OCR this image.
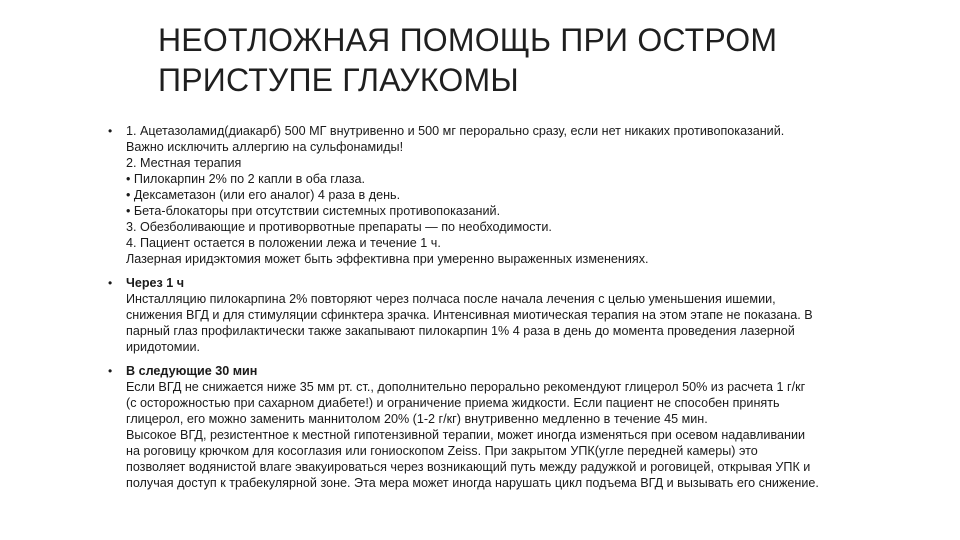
НЕОТЛОЖНАЯ ПОМОЩЬ ПРИ ОСТРОМ
ПРИСТУПЕ ГЛАУКОМЫ
• 1. Ацетазоламид(диакарб) 500 МГ внутривенно и 500 мг перорально сразу, если нет никаких противопоказаний.
Важно исключить аллергию на сульфонамиды!
2. Местная терапия
• Пилокарпин 2% по 2 капли в оба глаза.
• Дексаметазон (или его аналог) 4 раза в день.
• Бета-блокаторы при отсутствии системных противопоказаний.
3. Обезболивающие и противорвотные препараты — по необходимости.
4. Пациент остается в положении лежа и течение 1 ч.
Лазерная иридэктомия может быть эффективна при умеренно выраженных изменениях.
• Через 1 ч
Инсталляцию пилокарпина 2% повторяют через полчаса после начала лечения с целью уменьшения ишемии,
снижения ВГД и для стимуляции сфинктера зрачка. Интенсивная миотическая терапия на этом этапе не показана. В
парный глаз профилактически также закапывают пилокарпин 1% 4 раза в день до момента проведения лазерной
иридотомии.
• В следующие 30 мин
Если ВГД не снижается ниже 35 мм рт. ст., дополнительно перорально рекомендуют глицерол 50% из расчета 1 г/кг
(с осторожностью при сахарном диабете!) и ограничение приема жидкости. Если пациент не способен принять
глицерол, его можно заменить маннитолом 20% (1-2 г/кг) внутривенно медленно в течение 45 мин.
Высокое ВГД, резистентное к местной гипотензивной терапии, может иногда изменяться при осевом надавливании
на роговицу крючком для косоглазия или гониоскопом Zeiss. При закрытом УПК(угле передней камеры) это
позволяет водянистой влаге эвакуироваться через возникающий путь между радужкой и роговицей, открывая УПК и
получая доступ к трабекулярной зоне. Эта мера может иногда нарушать цикл подъема ВГД и вызывать его снижение.
